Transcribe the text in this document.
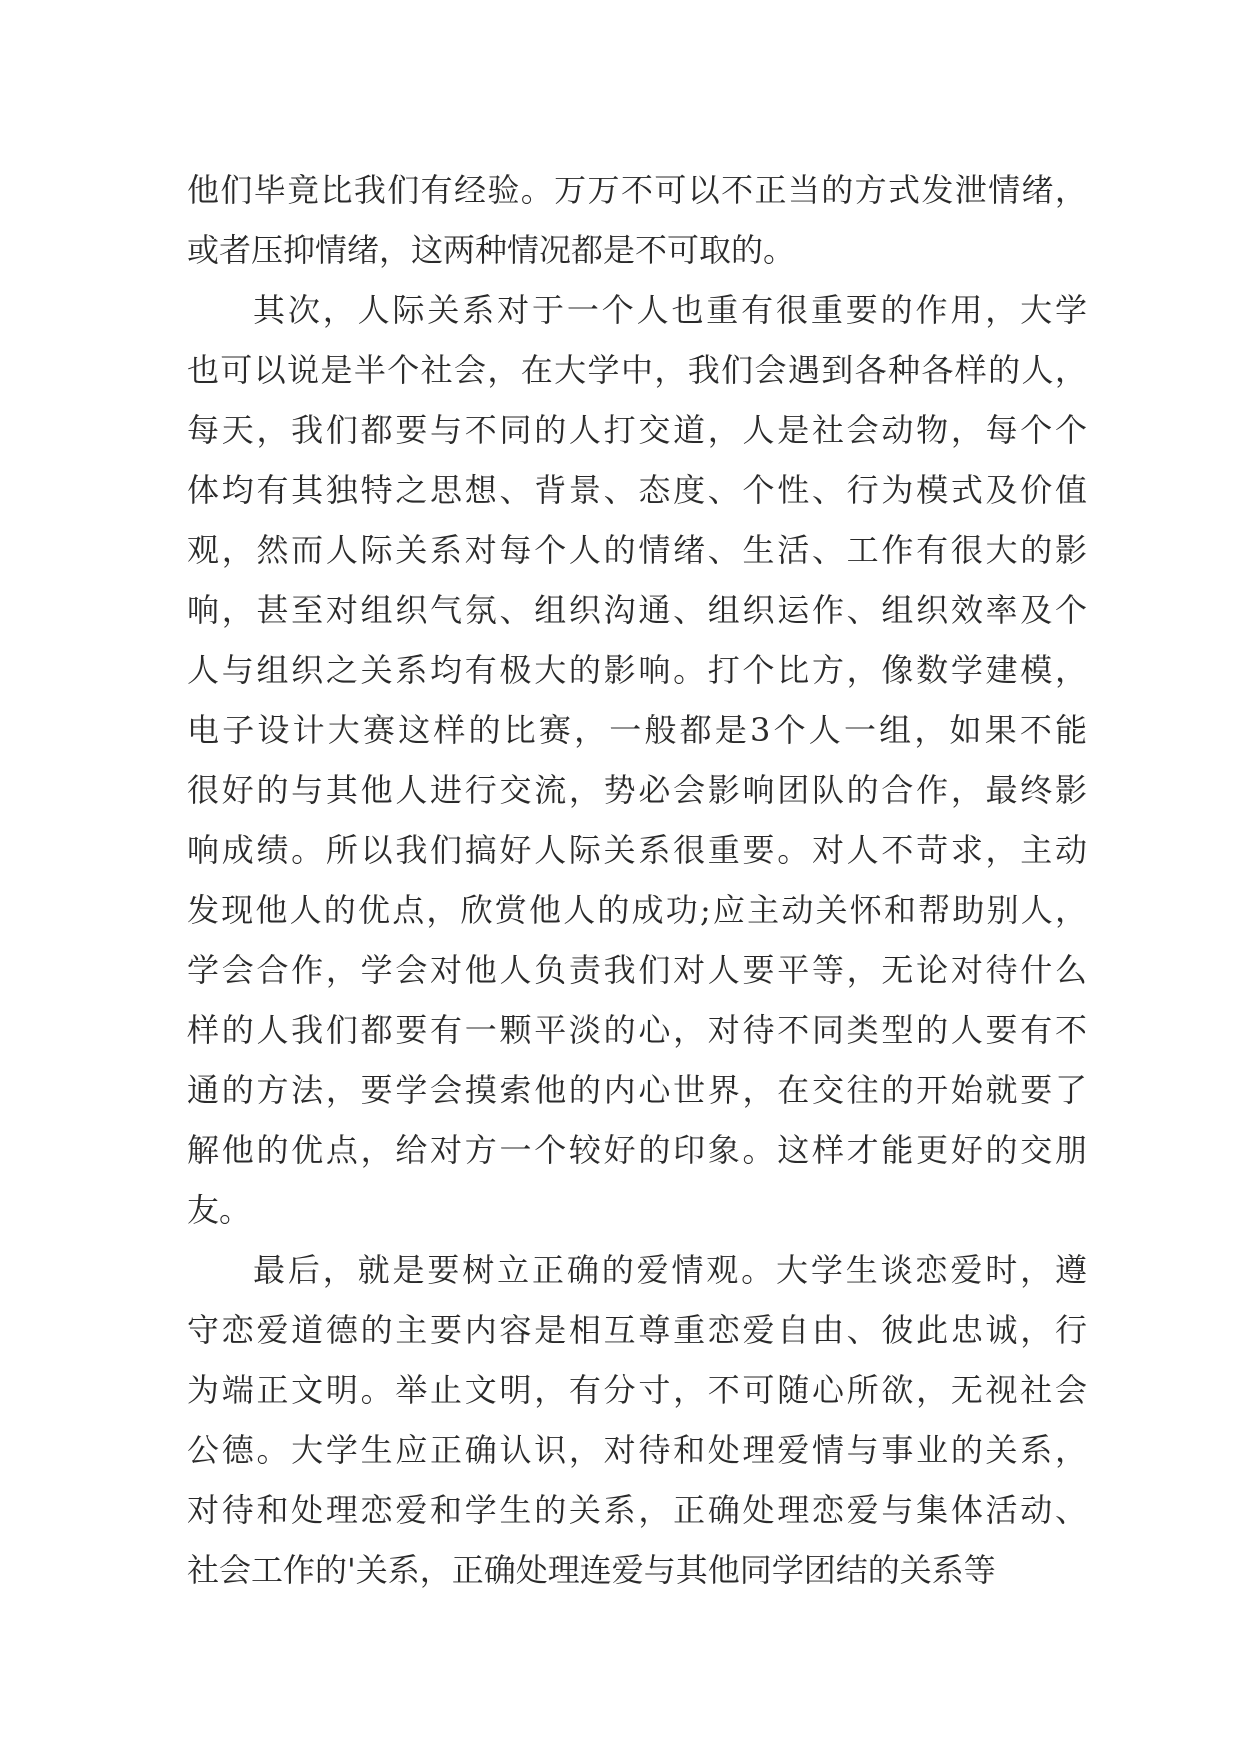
他们毕竟比我们有经验。万万不可以不正当的方式发泄情绪，
或者压抑情绪，这两种情况都是不可取的。
其次，人际关系对于一个人也重有很重要的作用，大学
也可以说是半个社会，在大学中，我们会遇到各种各样的人，
每天，我们都要与不同的人打交道，人是社会动物，每个个
体均有其独特之思想、背景、态度、个性、行为模式及价值
观，然而人际关系对每个人的情绪、生活、工作有很大的影
响，甚至对组织气氛、组织沟通、组织运作、组织效率及个
人与组织之关系均有极大的影响。打个比方，像数学建模，
电子设计大赛这样的比赛，一般都是3个人一组，如果不能
很好的与其他人进行交流，势必会影响团队的合作，最终影
响成绩。所以我们搞好人际关系很重要。对人不苛求，主动
发现他人的优点，欣赏他人的成功;应主动关怀和帮助别人，
学会合作，学会对他人负责我们对人要平等，无论对待什么
样的人我们都要有一颗平淡的心，对待不同类型的人要有不
通的方法，要学会摸索他的内心世界，在交往的开始就要了
解他的优点，给对方一个较好的印象。这样才能更好的交朋
友。
最后，就是要树立正确的爱情观。大学生谈恋爱时，遵
守恋爱道德的主要内容是相互尊重恋爱自由、彼此忠诚，行
为端正文明。举止文明，有分寸，不可随心所欲，无视社会
公德。大学生应正确认识，对待和处理爱情与事业的关系，
对待和处理恋爱和学生的关系，正确处理恋爱与集体活动、
社会工作的'关系，正确处理连爱与其他同学团结的关系等
